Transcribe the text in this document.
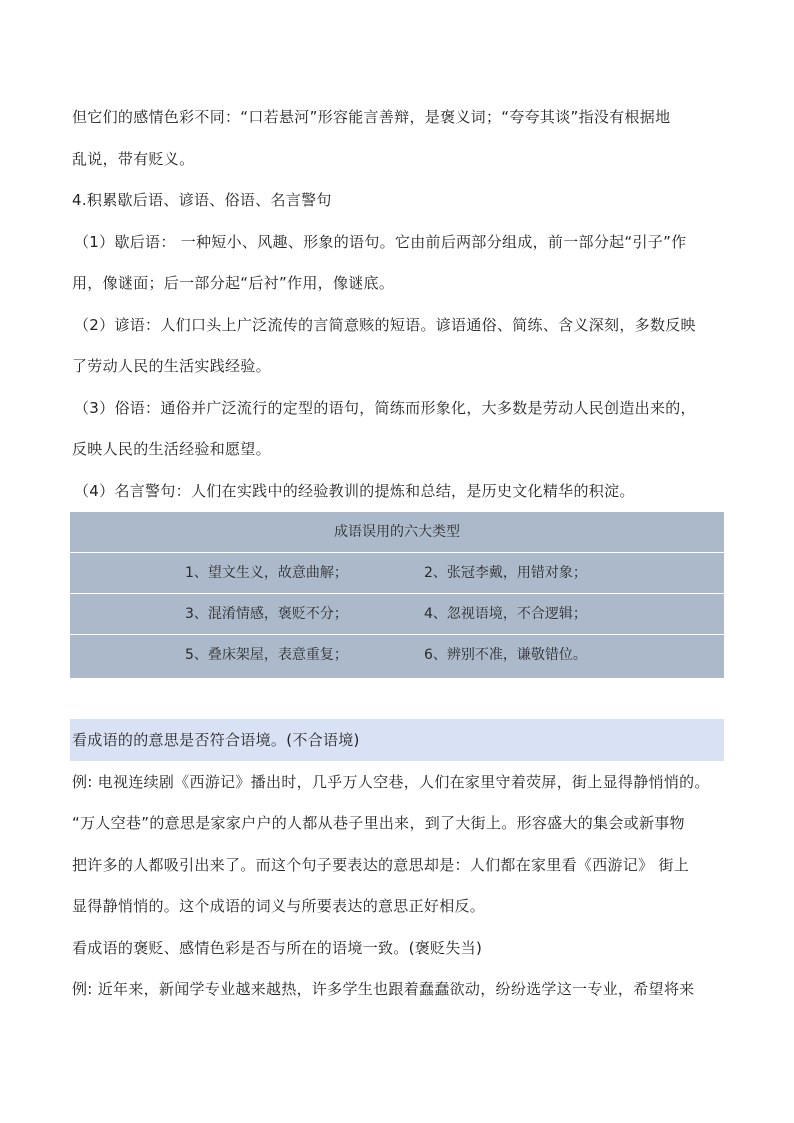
但它们的感情色彩不同：“口若悬河”形容能言善辩，是褒义词；“夸夸其谈”指没有根据地
乱说，带有贬义。
4.积累歇后语、谚语、俗语、名言警句
（1）歇后语： 一种短小、风趣、形象的语句。它由前后两部分组成，前一部分起“引子”作
用，像谜面；后一部分起“后衬”作用，像谜底。
（2）谚语：人们口头上广泛流传的言简意赅的短语。谚语通俗、简练、含义深刻，多数反映
了劳动人民的生活实践经验。
（3）俗语：通俗并广泛流行的定型的语句，简练而形象化，大多数是劳动人民创造出来的，
反映人民的生活经验和愿望。
（4）名言警句：人们在实践中的经验教训的提炼和总结，是历史文化精华的积淀。
成语误用的六大类型
1、望文生义，故意曲解；	2、张冠李戴，用错对象；
3、混淆情感，褒贬不分；	4、忽视语境，不合逻辑；
5、叠床架屋，表意重复；	6、辨别不准，谦敬错位。
看成语的的意思是否符合语境。(不合语境)
例: 电视连续剧《西游记》播出时，几乎万人空巷，人们在家里守着荧屏，街上显得静悄悄的。
“万人空巷”的意思是家家户户的人都从巷子里出来，到了大街上。形容盛大的集会或新事物
把许多的人都吸引出来了。而这个句子要表达的意思却是：人们都在家里看《西游记》 街上
显得静悄悄的。这个成语的词义与所要表达的意思正好相反。
看成语的褒贬、感情色彩是否与所在的语境一致。(褒贬失当)
例: 近年来，新闻学专业越来越热，许多学生也跟着蠢蠢欲动，纷纷选学这一专业，希望将来
